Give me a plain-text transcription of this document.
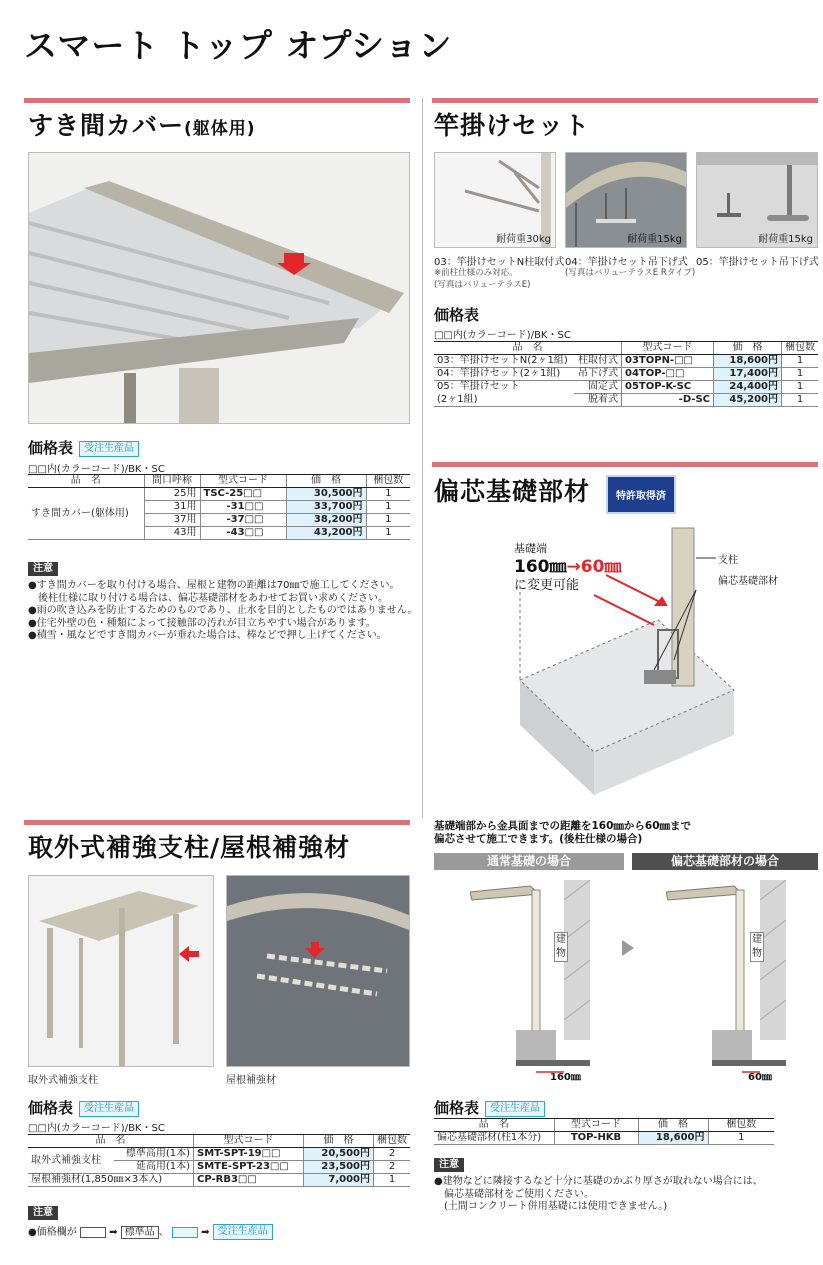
スマート トップ オプション
すき間カバー(躯体用)
価格表 受注生産品
□□内(カラーコード)/BK・SC
品　名	間口呼称	型式コード	価　格	梱包数
すき間カバー(躯体用)	25用	TSC-25□□	30,500円	1
	31用	-31□□	33,700円	1
	37用	-37□□	38,200円	1
	43用	-43□□	43,200円	1
注意
●すき間カバーを取り付ける場合、屋根と建物の距離は70㎜で施工してください。
　後柱仕様に取り付ける場合は、偏芯基礎部材をあわせてお買い求めください。
●雨の吹き込みを防止するためのものであり、止水を目的としたものではありません。
●住宅外壁の色・種類によって接触部の汚れが目立ちやすい場合があります。
●積雪・風などですき間カバーが垂れた場合は、棒などで押し上げてください。
竿掛けセット
耐荷重30kg	耐荷重15kg	耐荷重15kg
03：竿掛けセットN柱取付式
※前柱仕様のみ対応。
(写真はバリューテラスE)
04：竿掛けセット吊下げ式
(写真はバリューテラスE Rタイプ)
05：竿掛けセット吊下げ式
価格表
□□内(カラーコード)/BK・SC
品　名		型式コード	価　格	梱包数
03：竿掛けセットN(2ヶ1組)	柱取付式	03TOPN-□□	18,600円	1
04：竿掛けセット(2ヶ1組)	吊下げ式	04TOP-□□	17,400円	1
05：竿掛けセット	固定式	05TOP-K-SC	24,400円	1
(2ヶ1組)	脱着式	-D-SC	45,200円	1
偏芯基礎部材	特許取得済
基礎端
160㎜→60㎜
に変更可能
支柱
偏芯基礎部材
基礎端部から金具面までの距離を160㎜から60㎜まで
偏芯させて施工できます。(後柱仕様の場合)
通常基礎の場合	偏芯基礎部材の場合
建物
160㎜
建物
60㎜
価格表 受注生産品
品　名	型式コード	価　格	梱包数
偏芯基礎部材(柱1本分)	TOP-HKB	18,600円	1
注意
●建物などに隣接するなど十分に基礎のかぶり厚さが取れない場合には、
　偏芯基礎部材をご使用ください。
　(土間コンクリート併用基礎には使用できません。)
取外式補強支柱/屋根補強材
取外式補強支柱	屋根補強材
価格表 受注生産品
□□内(カラーコード)/BK・SC
品　名		型式コード	価　格	梱包数
取外式補強支柱	標準高用(1本)	SMT-SPT-19□□	20,500円	2
	延高用(1本)	SMTE-SPT-23□□	23,500円	2
屋根補強材(1,850㎜×3本入)		CP-RB3□□	7,000円	1
注意
●価格欄が	➡ 標準品 、	➡ 受注生産品
